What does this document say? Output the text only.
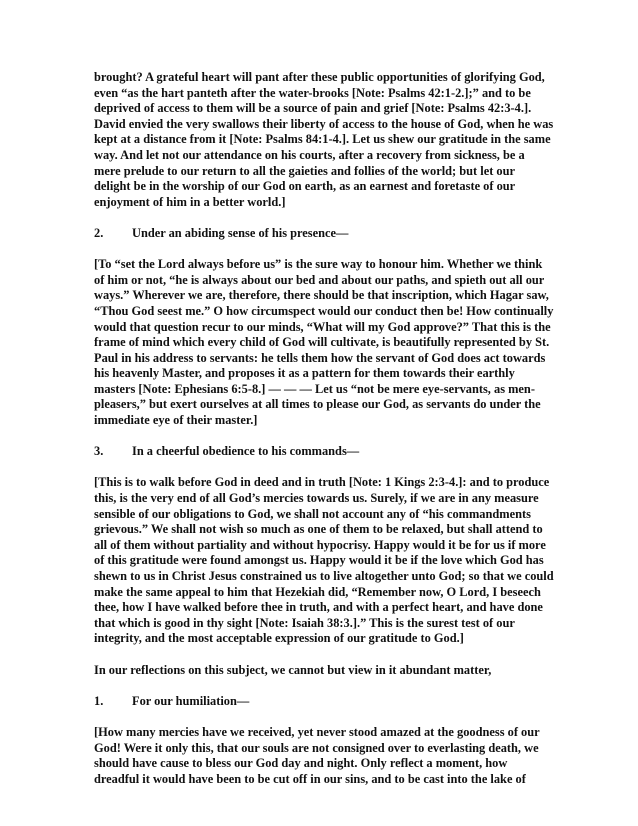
brought? A grateful heart will pant after these public opportunities of glorifying God, even “as the hart panteth after the water-brooks [Note: Psalms 42:1-2.];” and to be deprived of access to them will be a source of pain and grief [Note: Psalms 42:3-4.]. David envied the very swallows their liberty of access to the house of God, when he was kept at a distance from it [Note: Psalms 84:1-4.]. Let us shew our gratitude in the same way. And let not our attendance on his courts, after a recovery from sickness, be a mere prelude to our return to all the gaieties and follies of the world; but let our delight be in the worship of our God on earth, as an earnest and foretaste of our enjoyment of him in a better world.]

2.	Under an abiding sense of his presence—

[To “set the Lord always before us” is the sure way to honour him. Whether we think of him or not, “he is always about our bed and about our paths, and spieth out all our ways.” Wherever we are, therefore, there should be that inscription, which Hagar saw, “Thou God seest me.” O how circumspect would our conduct then be! How continually would that question recur to our minds, “What will my God approve?” That this is the frame of mind which every child of God will cultivate, is beautifully represented by St. Paul in his address to servants: he tells them how the servant of God does act towards his heavenly Master, and proposes it as a pattern for them towards their earthly masters [Note: Ephesians 6:5-8.] — — — Let us “not be mere eye-servants, as men-pleasers,” but exert ourselves at all times to please our God, as servants do under the immediate eye of their master.]

3.	In a cheerful obedience to his commands—

[This is to walk before God in deed and in truth [Note: 1 Kings 2:3-4.]: and to produce this, is the very end of all God’s mercies towards us. Surely, if we are in any measure sensible of our obligations to God, we shall not account any of “his commandments grievous.” We shall not wish so much as one of them to be relaxed, but shall attend to all of them without partiality and without hypocrisy. Happy would it be for us if more of this gratitude were found amongst us. Happy would it be if the love which God has shewn to us in Christ Jesus constrained us to live altogether unto God; so that we could make the same appeal to him that Hezekiah did, “Remember now, O Lord, I beseech thee, how I have walked before thee in truth, and with a perfect heart, and have done that which is good in thy sight [Note: Isaiah 38:3.].” This is the surest test of our integrity, and the most acceptable expression of our gratitude to God.]

In our reflections on this subject, we cannot but view in it abundant matter,

1.	For our humiliation—

[How many mercies have we received, yet never stood amazed at the goodness of our God! Were it only this, that our souls are not consigned over to everlasting death, we should have cause to bless our God day and night. Only reflect a moment, how dreadful it would have been to be cut off in our sins, and to be cast into the lake of
